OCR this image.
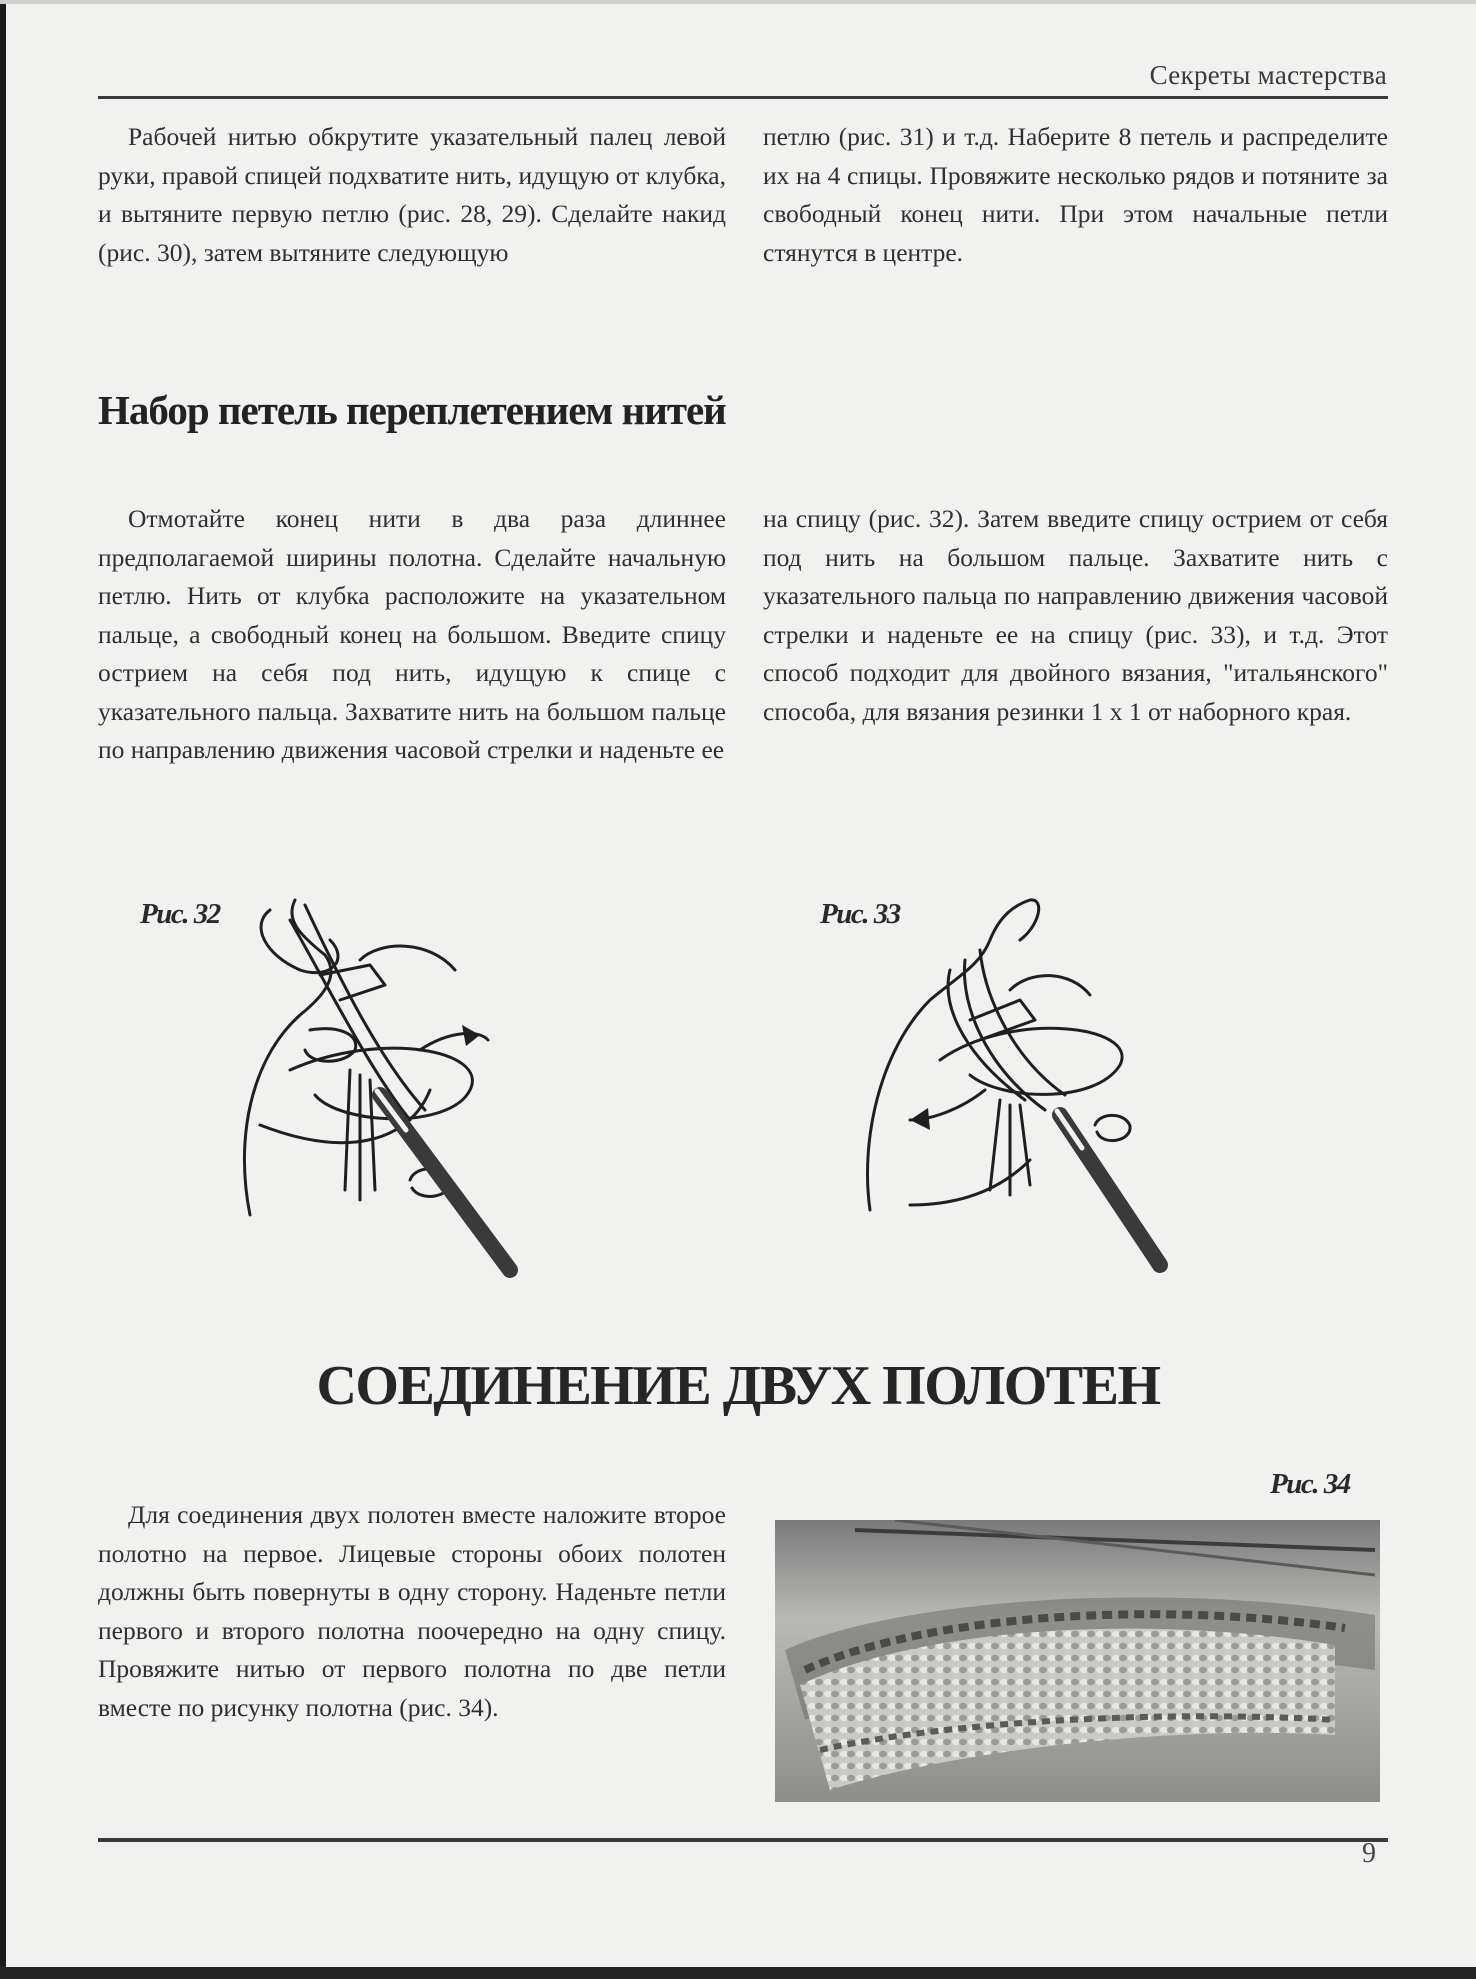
Секреты мастерства

Рабочей нитью обкрутите указательный палец левой руки, правой спицей подхватите нить, идущую от клубка, и вытяните первую петлю (рис. 28, 29). Сделайте накид (рис. 30), затем вытяните следующую

петлю (рис. 31) и т.д. Наберите 8 петель и распределите их на 4 спицы. Провяжите несколько рядов и потяните за свободный конец нити. При этом начальные петли стянутся в центре.

Набор петель переплетением нитей

Отмотайте конец нити в два раза длиннее предполагаемой ширины полотна. Сделайте начальную петлю. Нить от клубка расположите на указательном пальце, а свободный конец на большом. Введите спицу острием на себя под нить, идущую к спице с указательного пальца. Захватите нить на большом пальце по направлению движения часовой стрелки и наденьте ее

на спицу (рис. 32). Затем введите спицу острием от себя под нить на большом пальце. Захватите нить с указательного пальца по направлению движения часовой стрелки и наденьте ее на спицу (рис. 33), и т.д. Этот способ подходит для двойного вязания, "итальянского" способа, для вязания резинки 1 х 1 от наборного края.

Рис. 32	Рис. 33
СОЕДИНЕНИЕ ДВУХ ПОЛОТЕН
Рис. 34

Для соединения двух полотен вместе наложите второе полотно на первое. Лицевые стороны обоих полотен должны быть повернуты в одну сторону. Наденьте петли первого и второго полотна поочередно на одну спицу. Провяжите нитью от первого полотна по две петли вместе по рисунку полотна (рис. 34).

9
